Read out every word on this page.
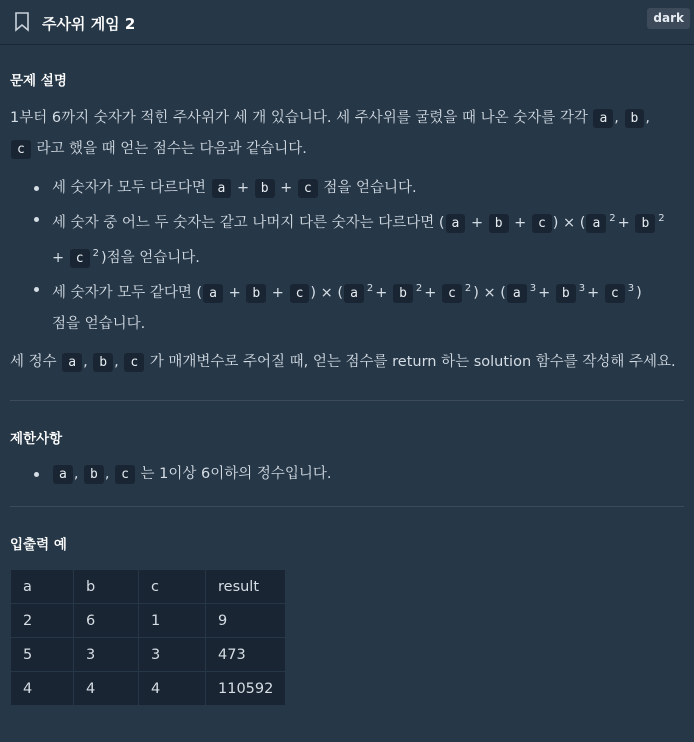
주사위 게임 2	dark
문제 설명
1부터 6까지 숫자가 적힌 주사위가 세 개 있습니다. 세 주사위를 굴렸을 때 나온 숫자를 각각 a , b ,
c 라고 했을 때 얻는 점수는 다음과 같습니다.
세 숫자가 모두 다르다면 a + b + c 점을 얻습니다.
세 숫자 중 어느 두 숫자는 같고 나머지 다른 숫자는 다르다면 ( a + b + c ) × ( a $^2$ + b $^2$
+ c $^2$ )점을 얻습니다.
세 숫자가 모두 같다면 ( a + b + c ) × ( a $^2$ + b $^2$ + c $^2$ ) × ( a $^3$ + b $^3$ + c $^3$ )
점을 얻습니다.
세 정수 a , b , c 가 매개변수로 주어질 때, 얻는 점수를 return 하는 solution 함수를 작성해 주세요.
제한사항
a , b , c 는 1이상 6이하의 정수입니다.
입출력 예
a	b	c	result
2	6	1	9
5	3	3	473
4	4	4	110592
